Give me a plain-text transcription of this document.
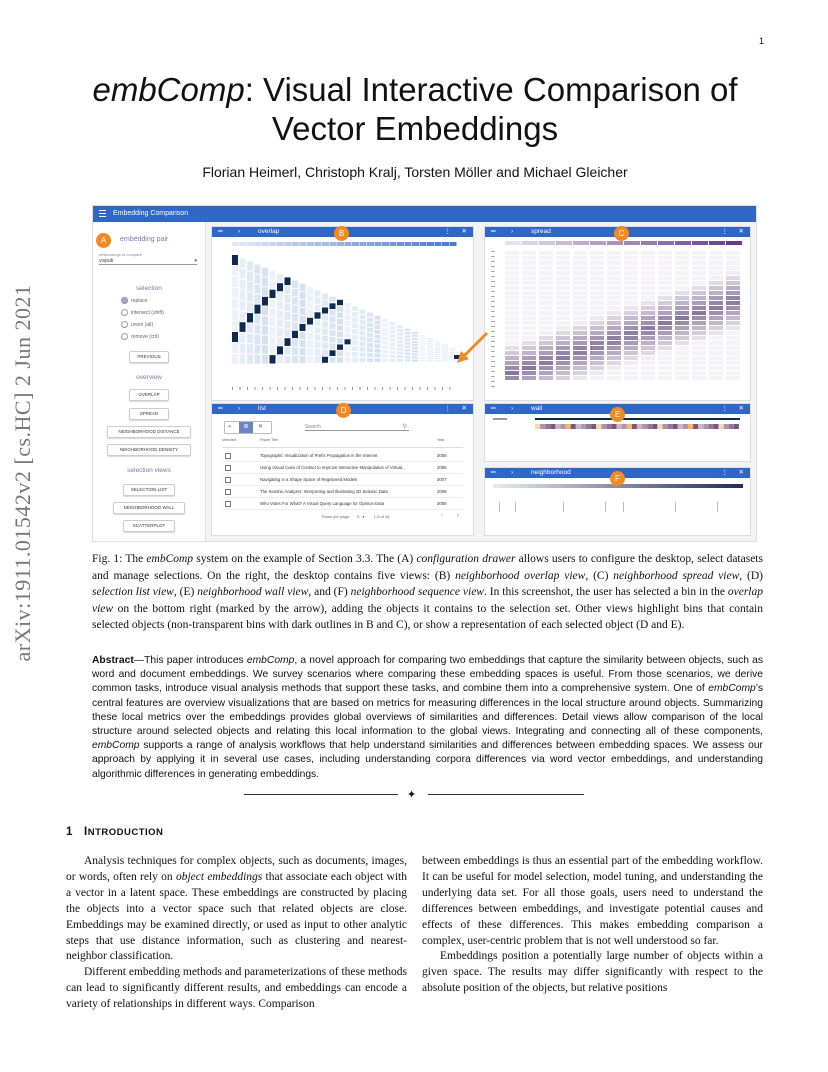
1
embComp: Visual Interactive Comparison of
Vector Embeddings
Florian Heimerl, Christoph Kralj, Torsten Möller and Michael Gleicher
arXiv:1911.01542v2 [cs.HC] 2 Jun 2021
Embedding Comparison
A	embedding pair
embeddings to compare
vispub	▾
selection
replace
intersect (shift)
union (alt)
remove (ctrl)
PREVIOUS
overview
OVERLAP
SPREAD
NEIGHBORHOOD DISTANCE
NEIGHBORHOOD DENSITY
selection views
SELECTION LIST
NEIGHBORHOOD WALL
SCATTERPLOT
═ ›	overlap	⋮ ✕
B	═ ›	spread	⋮ ✕
C
═ ›	list	⋮ ✕
≡	≣	✕	Search	⚲
selected	Paper Title	Year
Topographic Visualization of Prefix Propagation in the Internet	2006
Using Visual Cues of Contact to Improve Interactive Manipulation of Virtual...	2006
Navigating in a Shape Space of Registered Models	2007
The Seismic Analyzer: Interpreting and Illustrating 2D Seismic Data	2008
Who Votes For What? A Visual Query Language for Opinion Data	2008
Rows per page: 5 ▾ 1-5 of 28	‹ ›
D	═ ›	wall	⋮ ✕
E
═ ›	neighborhood	⋮ ✕
F
Fig. 1: The embComp system on the example of Section 3.3. The (A) configuration drawer allows users to configure the desktop, select datasets and manage selections. On the right, the desktop contains five views: (B) neighborhood overlap view, (C) neighborhood spread view, (D) selection list view, (E) neighborhood wall view, and (F) neighborhood sequence view. In this screenshot, the user has selected a bin in the overlap view on the bottom right (marked by the arrow), adding the objects it contains to the selection set. Other views highlight bins that contain selected objects (non-transparent bins with dark outlines in B and C), or show a representation of each selected object (D and E).
Abstract—This paper introduces embComp, a novel approach for comparing two embeddings that capture the similarity between objects, such as word and document embeddings. We survey scenarios where comparing these embedding spaces is useful. From those scenarios, we derive common tasks, introduce visual analysis methods that support these tasks, and combine them into a comprehensive system. One of embComp’s central features are overview visualizations that are based on metrics for measuring differences in the local structure around objects. Summarizing these local metrics over the embeddings provides global overviews of similarities and differences. Detail views allow comparison of the local structure around selected objects and relating this local information to the global views. Integrating and connecting all of these components, embComp supports a range of analysis workflows that help understand similarities and differences between embedding spaces. We assess our approach by applying it in several use cases, including understanding corpora differences via word vector embeddings, and understanding algorithmic differences in generating embeddings.
✦
1 INTRODUCTION

Analysis techniques for complex objects, such as documents, images, or words, often rely on object embeddings that associate each object with a vector in a latent space. These embeddings are constructed by placing the objects into a vector space such that related objects are close. Embeddings may be examined directly, or used as input to other analytic steps that use distance information, such as clustering and nearest-neighbor classification.

Different embedding methods and parameterizations of these methods can lead to significantly different results, and embeddings can encode a variety of relationships in different ways. Comparison

between embeddings is thus an essential part of the embedding workflow. It can be useful for model selection, model tuning, and understanding the underlying data set. For all those goals, users need to understand the differences between embeddings, and investigate potential causes and effects of these differences. This makes embedding comparison a complex, user-centric problem that is not well understood so far.

Embeddings position a potentially large number of objects within a given space. The results may differ significantly with respect to the absolute position of the objects, but relative positions
